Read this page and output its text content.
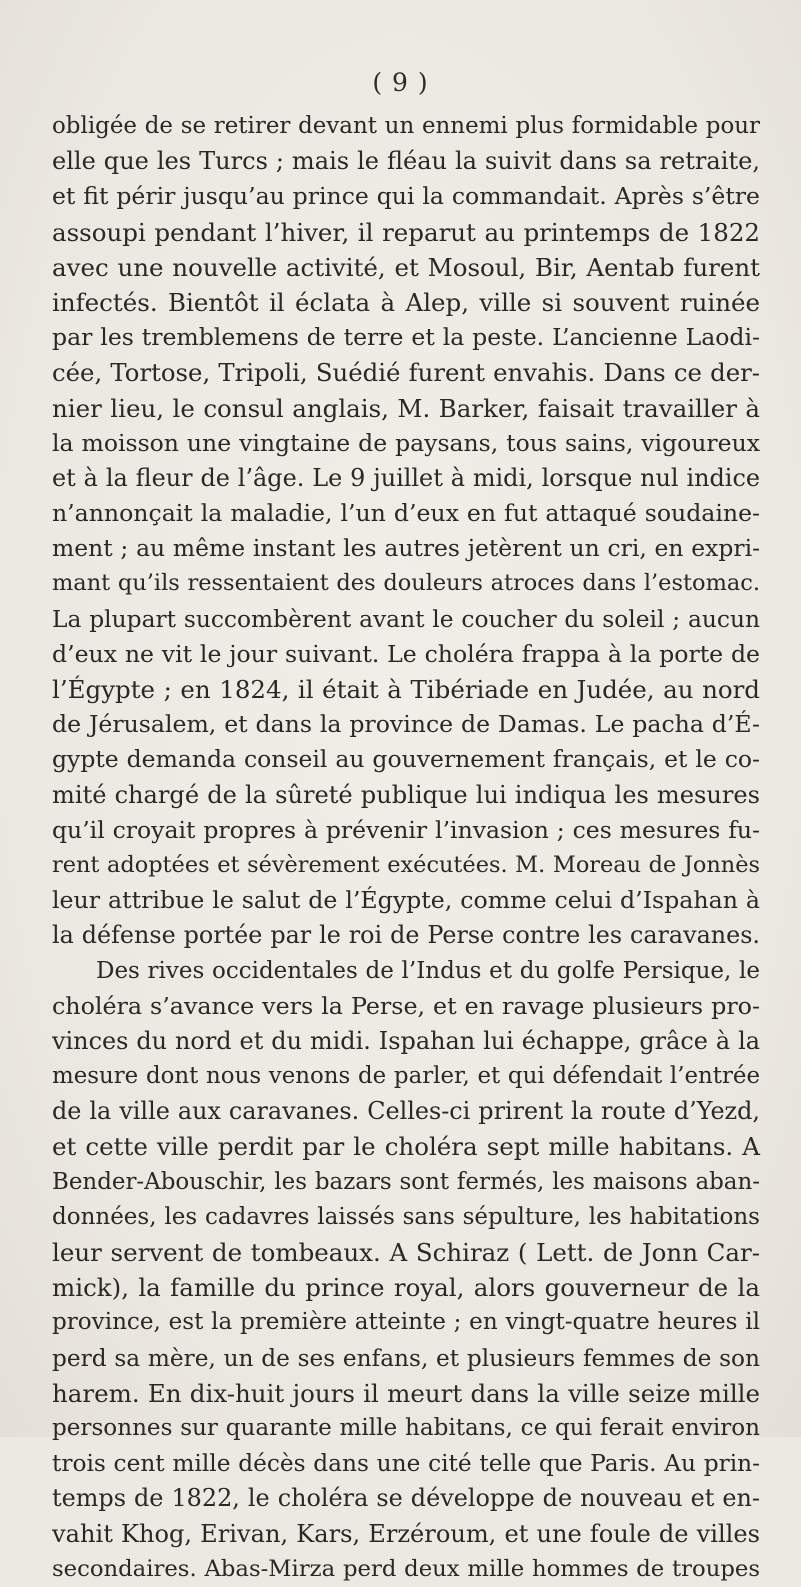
( 9 )
obligée de se retirer devant un ennemi plus formidable pour
elle que les Turcs ; mais le fléau la suivit dans sa retraite,
et fit périr jusqu’au prince qui la commandait. Après s’être
assoupi pendant l’hiver, il reparut au printemps de 1822
avec une nouvelle activité, et Mosoul, Bir, Aentab furent
infectés. Bientôt il éclata à Alep, ville si souvent ruinée
par les tremblemens de terre et la peste. L’ancienne Laodi-
cée, Tortose, Tripoli, Suédié furent envahis. Dans ce der-
nier lieu, le consul anglais, M. Barker, faisait travailler à
la moisson une vingtaine de paysans, tous sains, vigoureux
et à la fleur de l’âge. Le 9 juillet à midi, lorsque nul indice
n’annonçait la maladie, l’un d’eux en fut attaqué soudaine-
ment ; au même instant les autres jetèrent un cri, en expri-
mant qu’ils ressentaient des douleurs atroces dans l’estomac.
La plupart succombèrent avant le coucher du soleil ; aucun
d’eux ne vit le jour suivant. Le choléra frappa à la porte de
l’Égypte ; en 1824, il était à Tibériade en Judée, au nord
de Jérusalem, et dans la province de Damas. Le pacha d’É-
gypte demanda conseil au gouvernement français, et le co-
mité chargé de la sûreté publique lui indiqua les mesures
qu’il croyait propres à prévenir l’invasion ; ces mesures fu-
rent adoptées et sévèrement exécutées. M. Moreau de Jonnès
leur attribue le salut de l’Égypte, comme celui d’Ispahan à
la défense portée par le roi de Perse contre les caravanes.
Des rives occidentales de l’Indus et du golfe Persique, le
choléra s’avance vers la Perse, et en ravage plusieurs pro-
vinces du nord et du midi. Ispahan lui échappe, grâce à la
mesure dont nous venons de parler, et qui défendait l’entrée
de la ville aux caravanes. Celles-ci prirent la route d’Yezd,
et cette ville perdit par le choléra sept mille habitans. A
Bender-Abouschir, les bazars sont fermés, les maisons aban-
données, les cadavres laissés sans sépulture, les habitations
leur servent de tombeaux. A Schiraz ( Lett. de Jonn Car-
mick), la famille du prince royal, alors gouverneur de la
province, est la première atteinte ; en vingt-quatre heures il
perd sa mère, un de ses enfans, et plusieurs femmes de son
harem. En dix-huit jours il meurt dans la ville seize mille
personnes sur quarante mille habitans, ce qui ferait environ
trois cent mille décès dans une cité telle que Paris. Au prin-
temps de 1822, le choléra se développe de nouveau et en-
vahit Khog, Erivan, Kars, Erzéroum, et une foule de villes
secondaires. Abas-Mirza perd deux mille hommes de troupes
